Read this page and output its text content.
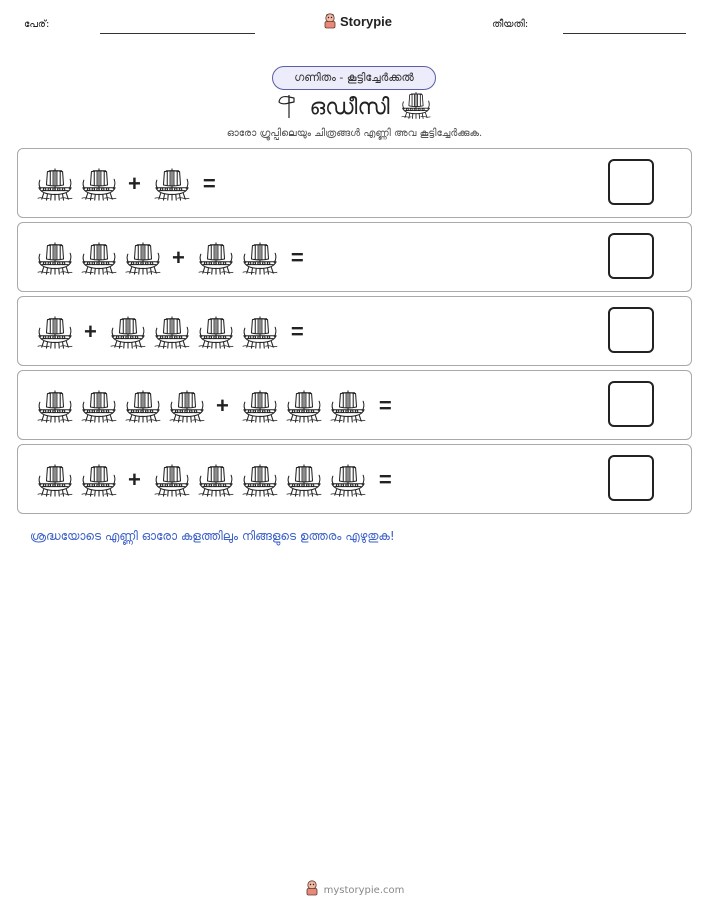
പേര്:	Storypie	തീയതി:
ഗണിതം - കൂട്ടിച്ചേർക്കൽ
ഒഡീസി
ഓരോ ഗ്രൂപ്പിലെയും ചിത്രങ്ങൾ എണ്ണി അവ കൂട്ടിച്ചേർക്കുക.
+	=
+	=
+	=
+	=
+	=
ശ്രദ്ധയോടെ എണ്ണി ഓരോ കളത്തിലും നിങ്ങളുടെ ഉത്തരം എഴുതുക!
mystorypie.com
